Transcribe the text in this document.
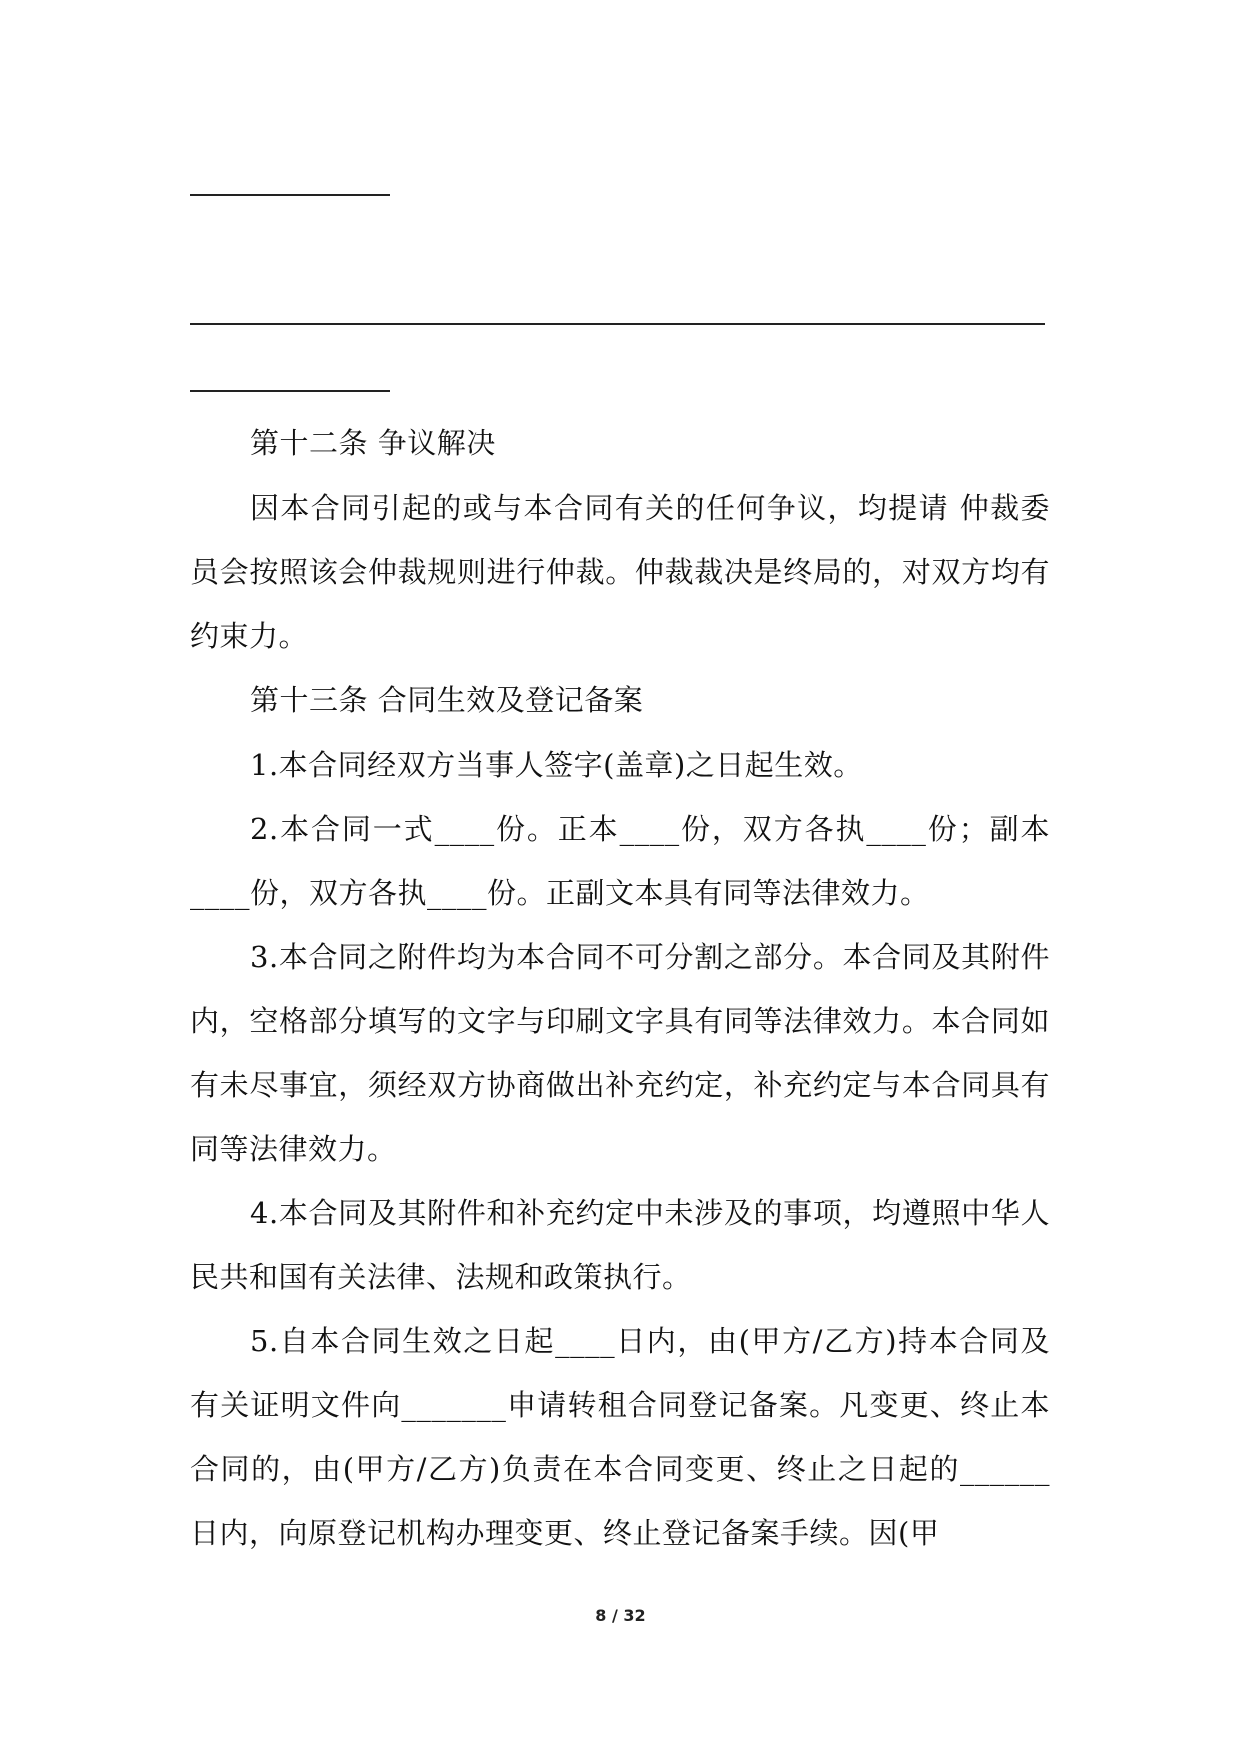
第十二条 争议解决
因本合同引起的或与本合同有关的任何争议，均提请 仲裁委员会按照该会仲裁规则进行仲裁。仲裁裁决是终局的，对双方均有约束力。
第十三条 合同生效及登记备案
1.本合同经双方当事人签字(盖章)之日起生效。
2.本合同一式____份。正本____份，双方各执____份；副本____份，双方各执____份。正副文本具有同等法律效力。
3.本合同之附件均为本合同不可分割之部分。本合同及其附件内，空格部分填写的文字与印刷文字具有同等法律效力。本合同如有未尽事宜，须经双方协商做出补充约定，补充约定与本合同具有同等法律效力。
4.本合同及其附件和补充约定中未涉及的事项，均遵照中华人民共和国有关法律、法规和政策执行。
5.自本合同生效之日起____日内，由(甲方/乙方)持本合同及有关证明文件向_______申请转租合同登记备案。凡变更、终止本合同的，由(甲方/乙方)负责在本合同变更、终止之日起的______日内，向原登记机构办理变更、终止登记备案手续。因(甲
8 / 32
